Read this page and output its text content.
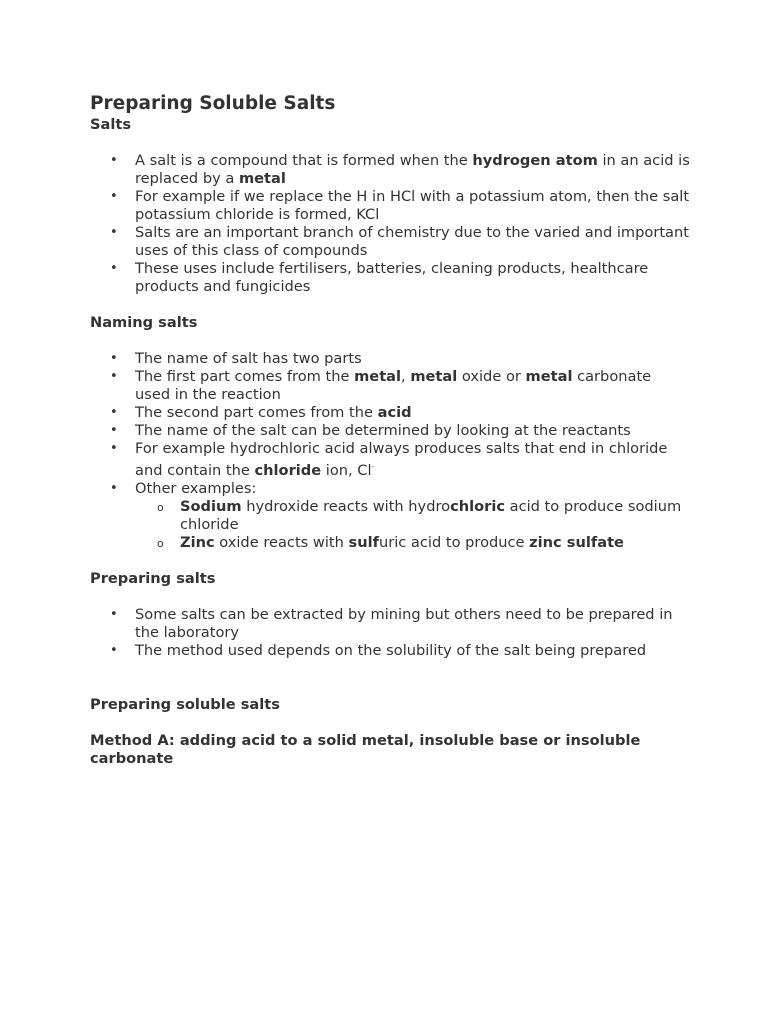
Preparing Soluble Salts
Salts
• A salt is a compound that is formed when the hydrogen atom in an acid is replaced by a metal
• For example if we replace the H in HCl with a potassium atom, then the salt potassium chloride is formed, KCl
• Salts are an important branch of chemistry due to the varied and important uses of this class of compounds
• These uses include fertilisers, batteries, cleaning products, healthcare products and fungicides
Naming salts
• The name of salt has two parts
• The first part comes from the metal, metal oxide or metal carbonate used in the reaction
• The second part comes from the acid
• The name of the salt can be determined by looking at the reactants
• For example hydrochloric acid always produces salts that end in chloride and contain the chloride ion, Cl-
• Other examples:
o Sodium hydroxide reacts with hydrochloric acid to produce sodium chloride
o Zinc oxide reacts with sulfuric acid to produce zinc sulfate
Preparing salts
• Some salts can be extracted by mining but others need to be prepared in the laboratory
• The method used depends on the solubility of the salt being prepared
Preparing soluble salts
Method A: adding acid to a solid metal, insoluble base or insoluble carbonate
